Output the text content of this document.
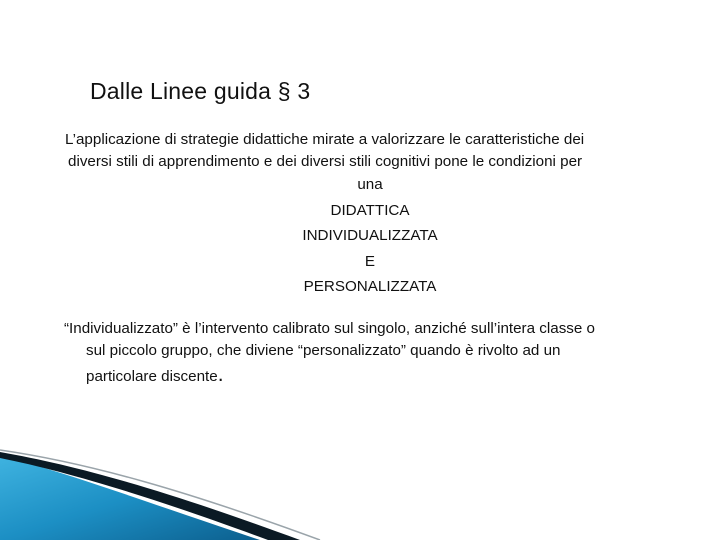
Dalle Linee guida § 3

L’applicazione di strategie didattiche mirate a valorizzare le caratteristiche dei
diversi stili di apprendimento e dei diversi stili cognitivi pone le condizioni per

una
DIDATTICA
INDIVIDUALIZZATA
E
PERSONALIZZATA

“Individualizzato” è l’intervento calibrato sul singolo, anziché sull’intera classe o
sul piccolo gruppo, che diviene “personalizzato” quando è rivolto ad un
particolare discente.
